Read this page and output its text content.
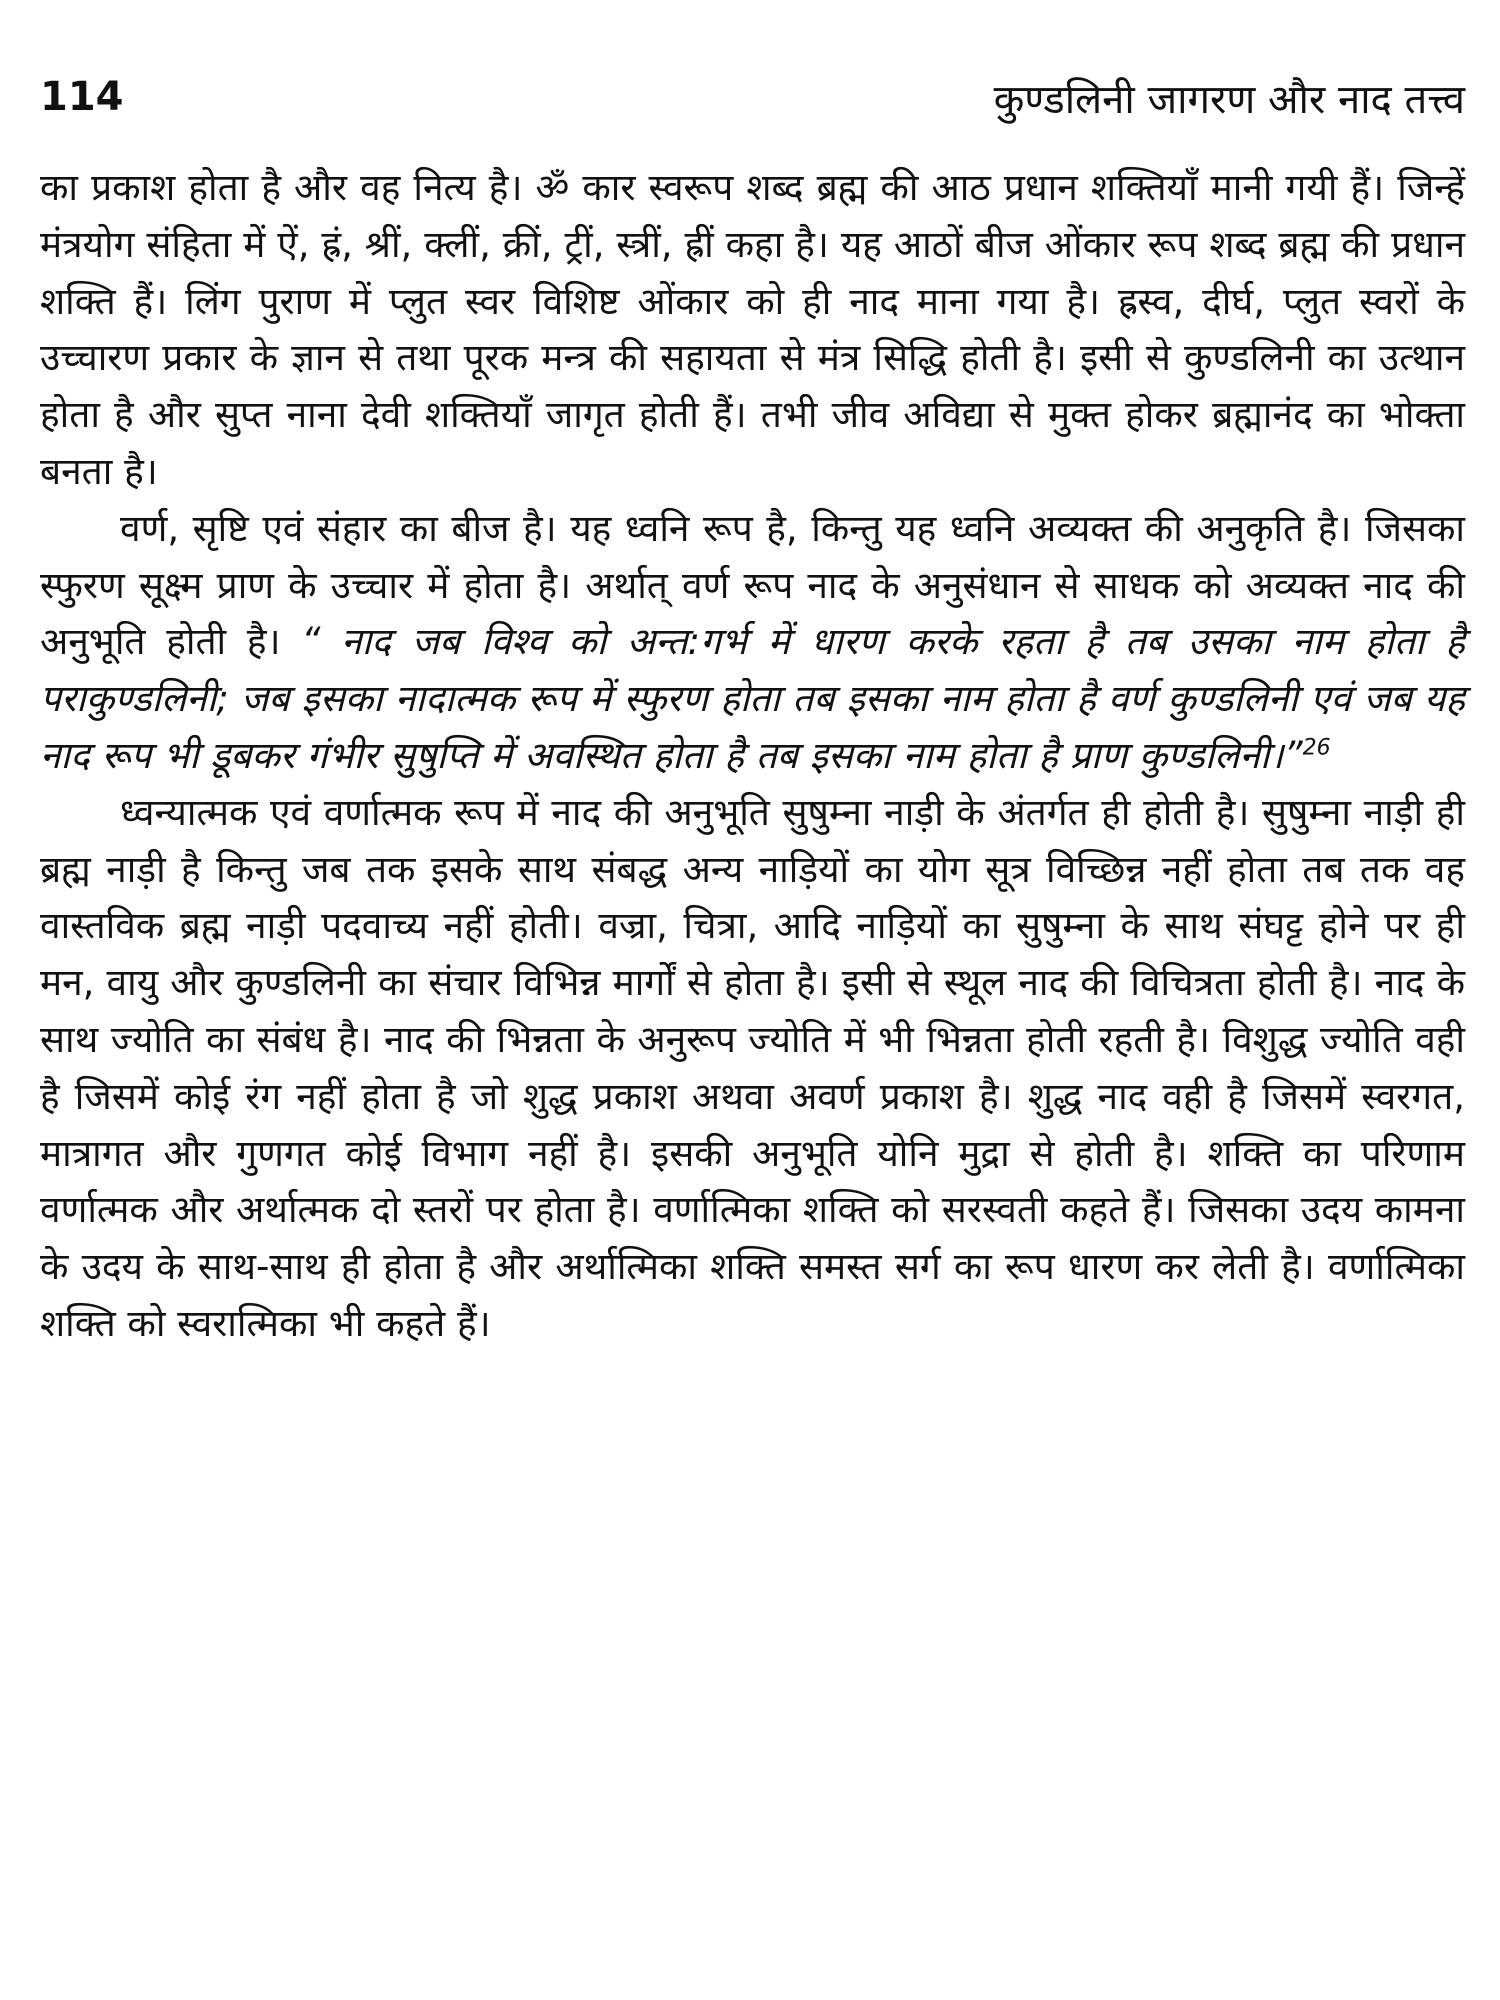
114	कुण्डलिनी जागरण और नाद तत्त्व

का प्रकाश होता है और वह नित्य है। ॐ कार स्वरूप शब्द ब्रह्म की आठ प्रधान शक्तियाँ मानी गयी हैं। जिन्हें मंत्रयोग संहिता में ऐं, ह्रं, श्रीं, क्लीं, क्रीं, ट्रीं, स्त्रीं, ह्रीं कहा है। यह आठों बीज ओंकार रूप शब्द ब्रह्म की प्रधान शक्ति हैं। लिंग पुराण में प्लुत स्वर विशिष्ट ओंकार को ही नाद माना गया है। ह्रस्व, दीर्घ, प्लुत स्वरों के उच्चारण प्रकार के ज्ञान से तथा पूरक मन्त्र की सहायता से मंत्र सिद्धि होती है। इसी से कुण्डलिनी का उत्थान होता है और सुप्त नाना देवी शक्तियाँ जागृत होती हैं। तभी जीव अविद्या से मुक्त होकर ब्रह्मानंद का भोक्ता बनता है।

वर्ण, सृष्टि एवं संहार का बीज है। यह ध्वनि रूप है, किन्तु यह ध्वनि अव्यक्त की अनुकृति है। जिसका स्फुरण सूक्ष्म प्राण के उच्चार में होता है। अर्थात् वर्ण रूप नाद के अनुसंधान से साधक को अव्यक्त नाद की अनुभूति होती है। “ नाद जब विश्व को अन्त:गर्भ में धारण करके रहता है तब उसका नाम होता है पराकुण्डलिनी; जब इसका नादात्मक रूप में स्फुरण होता तब इसका नाम होता है वर्ण कुण्डलिनी एवं जब यह नाद रूप भी डूबकर गंभीर सुषुप्ति में अवस्थित होता है तब इसका नाम होता है प्राण कुण्डलिनी।”$^{26}$

ध्वन्यात्मक एवं वर्णात्मक रूप में नाद की अनुभूति सुषुम्ना नाड़ी के अंतर्गत ही होती है। सुषुम्ना नाड़ी ही ब्रह्म नाड़ी है किन्तु जब तक इसके साथ संबद्ध अन्य नाड़ियों का योग सूत्र विच्छिन्न नहीं होता तब तक वह वास्तविक ब्रह्म नाड़ी पदवाच्य नहीं होती। वज्रा, चित्रा, आदि नाड़ियों का सुषुम्ना के साथ संघट्ट होने पर ही मन, वायु और कुण्डलिनी का संचार विभिन्न मार्गों से होता है। इसी से स्थूल नाद की विचित्रता होती है। नाद के साथ ज्योति का संबंध है। नाद की भिन्नता के अनुरूप ज्योति में भी भिन्नता होती रहती है। विशुद्ध ज्योति वही है जिसमें कोई रंग नहीं होता है जो शुद्ध प्रकाश अथवा अवर्ण प्रकाश है। शुद्ध नाद वही है जिसमें स्वरगत, मात्रागत और गुणगत कोई विभाग नहीं है। इसकी अनुभूति योनि मुद्रा से होती है। शक्ति का परिणाम वर्णात्मक और अर्थात्मक दो स्तरों पर होता है। वर्णात्मिका शक्ति को सरस्वती कहते हैं। जिसका उदय कामना के उदय के साथ-साथ ही होता है और अर्थात्मिका शक्ति समस्त सर्ग का रूप धारण कर लेती है। वर्णात्मिका शक्ति को स्वरात्मिका भी कहते हैं।
